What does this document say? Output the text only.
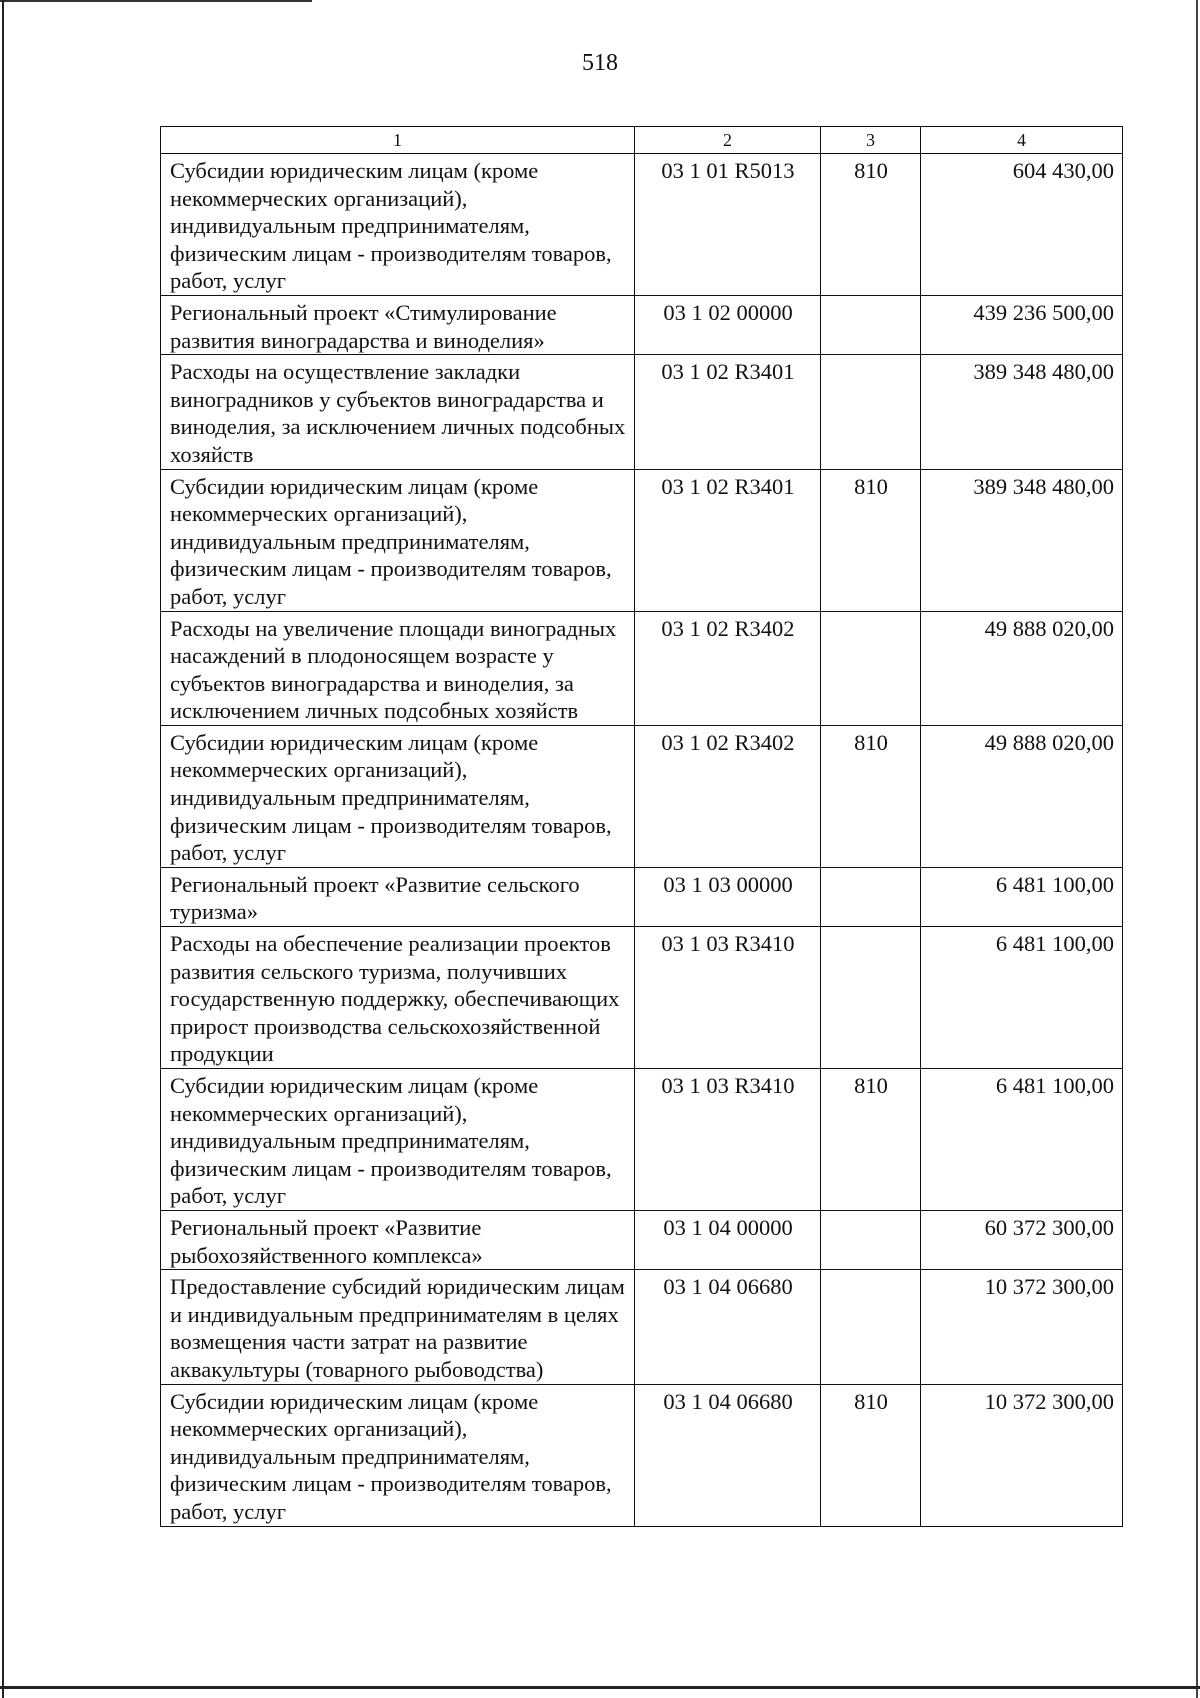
518
1	2	3	4
Субсидии юридическим лицам (кроме некоммерческих организаций), индивидуальным предпринимателям, физическим лицам - производителям товаров, работ, услуг	03 1 01 R5013	810	604 430,00
Региональный проект «Стимулирование развития виноградарства и виноделия»	03 1 02 00000		439 236 500,00
Расходы на осуществление закладки виноградников у субъектов виноградарства и виноделия, за исключением личных подсобных хозяйств	03 1 02 R3401		389 348 480,00
Субсидии юридическим лицам (кроме некоммерческих организаций), индивидуальным предпринимателям, физическим лицам - производителям товаров, работ, услуг	03 1 02 R3401	810	389 348 480,00
Расходы на увеличение площади виноградных насаждений в плодоносящем возрасте у субъектов виноградарства и виноделия, за исключением личных подсобных хозяйств	03 1 02 R3402		49 888 020,00
Субсидии юридическим лицам (кроме некоммерческих организаций), индивидуальным предпринимателям, физическим лицам - производителям товаров, работ, услуг	03 1 02 R3402	810	49 888 020,00
Региональный проект «Развитие сельского туризма»	03 1 03 00000		6 481 100,00
Расходы на обеспечение реализации проектов развития сельского туризма, получивших государственную поддержку, обеспечивающих прирост производства сельскохозяйственной продукции	03 1 03 R3410		6 481 100,00
Субсидии юридическим лицам (кроме некоммерческих организаций), индивидуальным предпринимателям, физическим лицам - производителям товаров, работ, услуг	03 1 03 R3410	810	6 481 100,00
Региональный проект «Развитие рыбохозяйственного комплекса»	03 1 04 00000		60 372 300,00
Предоставление субсидий юридическим лицам и индивидуальным предпринимателям в целях возмещения части затрат на развитие аквакультуры (товарного рыбоводства)	03 1 04 06680		10 372 300,00
Субсидии юридическим лицам (кроме некоммерческих организаций), индивидуальным предпринимателям, физическим лицам - производителям товаров, работ, услуг	03 1 04 06680	810	10 372 300,00
